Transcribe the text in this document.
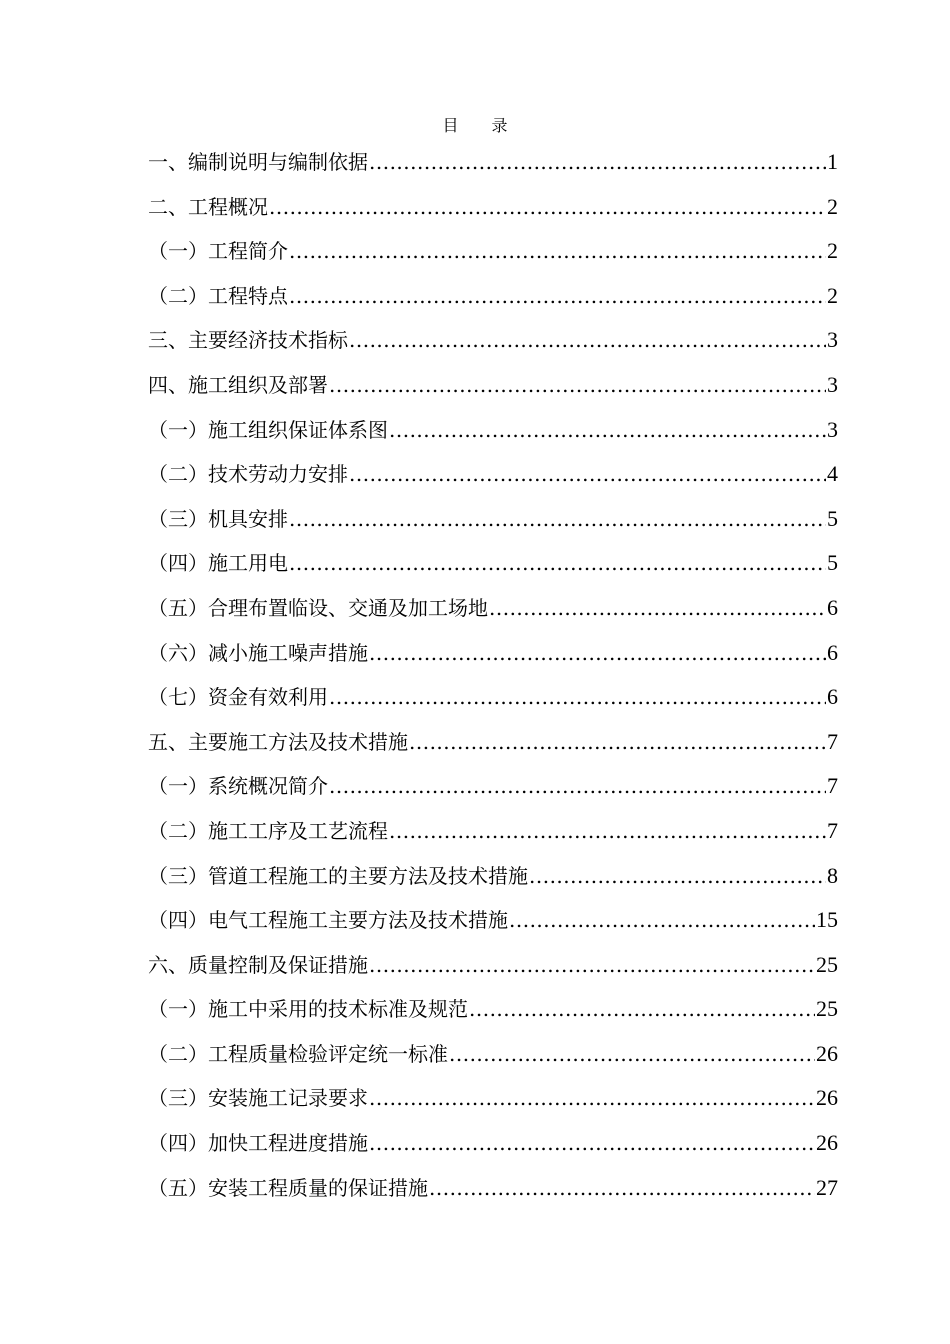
目 录
一、编制说明与编制依据 .....	1
二、工程概况 .....	2
（一）工程简介 .....	2
（二）工程特点 .....	2
三、主要经济技术指标 .....	3
四、施工组织及部署 .....	3
（一）施工组织保证体系图 .....	3
（二）技术劳动力安排 .....	4
（三）机具安排 .....	5
（四）施工用电 .....	5
（五）合理布置临设、交通及加工场地 .....	6
（六）减小施工噪声措施 .....	6
（七）资金有效利用 .....	6
五、主要施工方法及技术措施 .....	7
（一）系统概况简介 .....	7
（二）施工工序及工艺流程 .....	7
（三）管道工程施工的主要方法及技术措施 .....	8
（四）电气工程施工主要方法及技术措施 .....	15
六、质量控制及保证措施 .....	25
（一）施工中采用的技术标准及规范 .....	25
（二）工程质量检验评定统一标准 .....	26
（三）安装施工记录要求 .....	26
（四）加快工程进度措施 .....	26
（五）安装工程质量的保证措施 .....	27
